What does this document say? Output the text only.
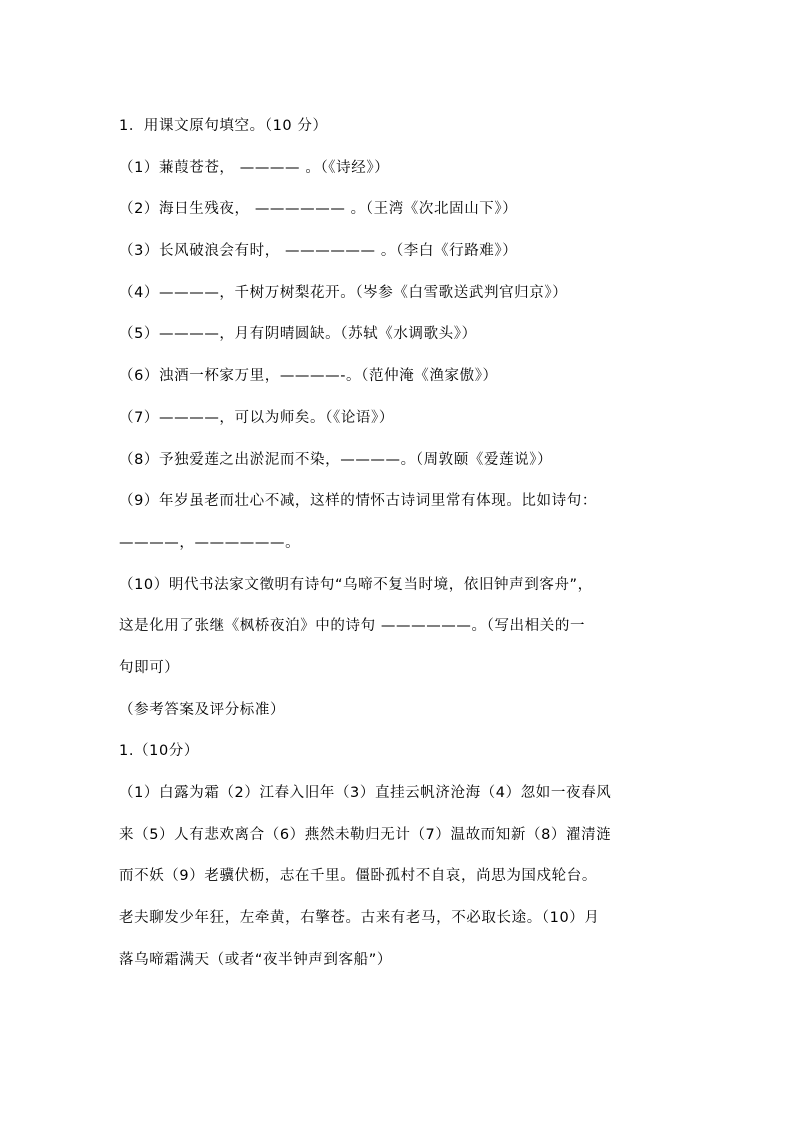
1．用课文原句填空。（10 分）
（1）蒹葭苍苍， ———— 。（《诗经》）
（2）海日生残夜， —————— 。（王湾《次北固山下》）
（3）长风破浪会有时， —————— 。（李白《行路难》）
（4）————，千树万树梨花开。（岑参《白雪歌送武判官归京》）
（5）————，月有阴晴圆缺。（苏轼《水调歌头》）
（6）浊酒一杯家万里，————-。（范仲淹《渔家傲》）
（7）————，可以为师矣。（《论语》）
（8）予独爱莲之出淤泥而不染，————。（周敦颐《爱莲说》）
（9）年岁虽老而壮心不减，这样的情怀古诗词里常有体现。比如诗句：
————，——————。
（10）明代书法家文徵明有诗句“乌啼不复当时境，依旧钟声到客舟”，
这是化用了张继《枫桥夜泊》中的诗句 ——————。（写出相关的一
句即可）
（参考答案及评分标准）
1.（10分）
（1）白露为霜（2）江春入旧年（3）直挂云帆济沧海（4）忽如一夜春风
来（5）人有悲欢离合（6）燕然未勒归无计（7）温故而知新（8）濯清涟
而不妖（9）老骥伏枥，志在千里。僵卧孤村不自哀，尚思为国戍轮台。
老夫聊发少年狂，左牵黄，右擎苍。古来有老马，不必取长途。（10）月
落乌啼霜满天（或者“夜半钟声到客船”）
